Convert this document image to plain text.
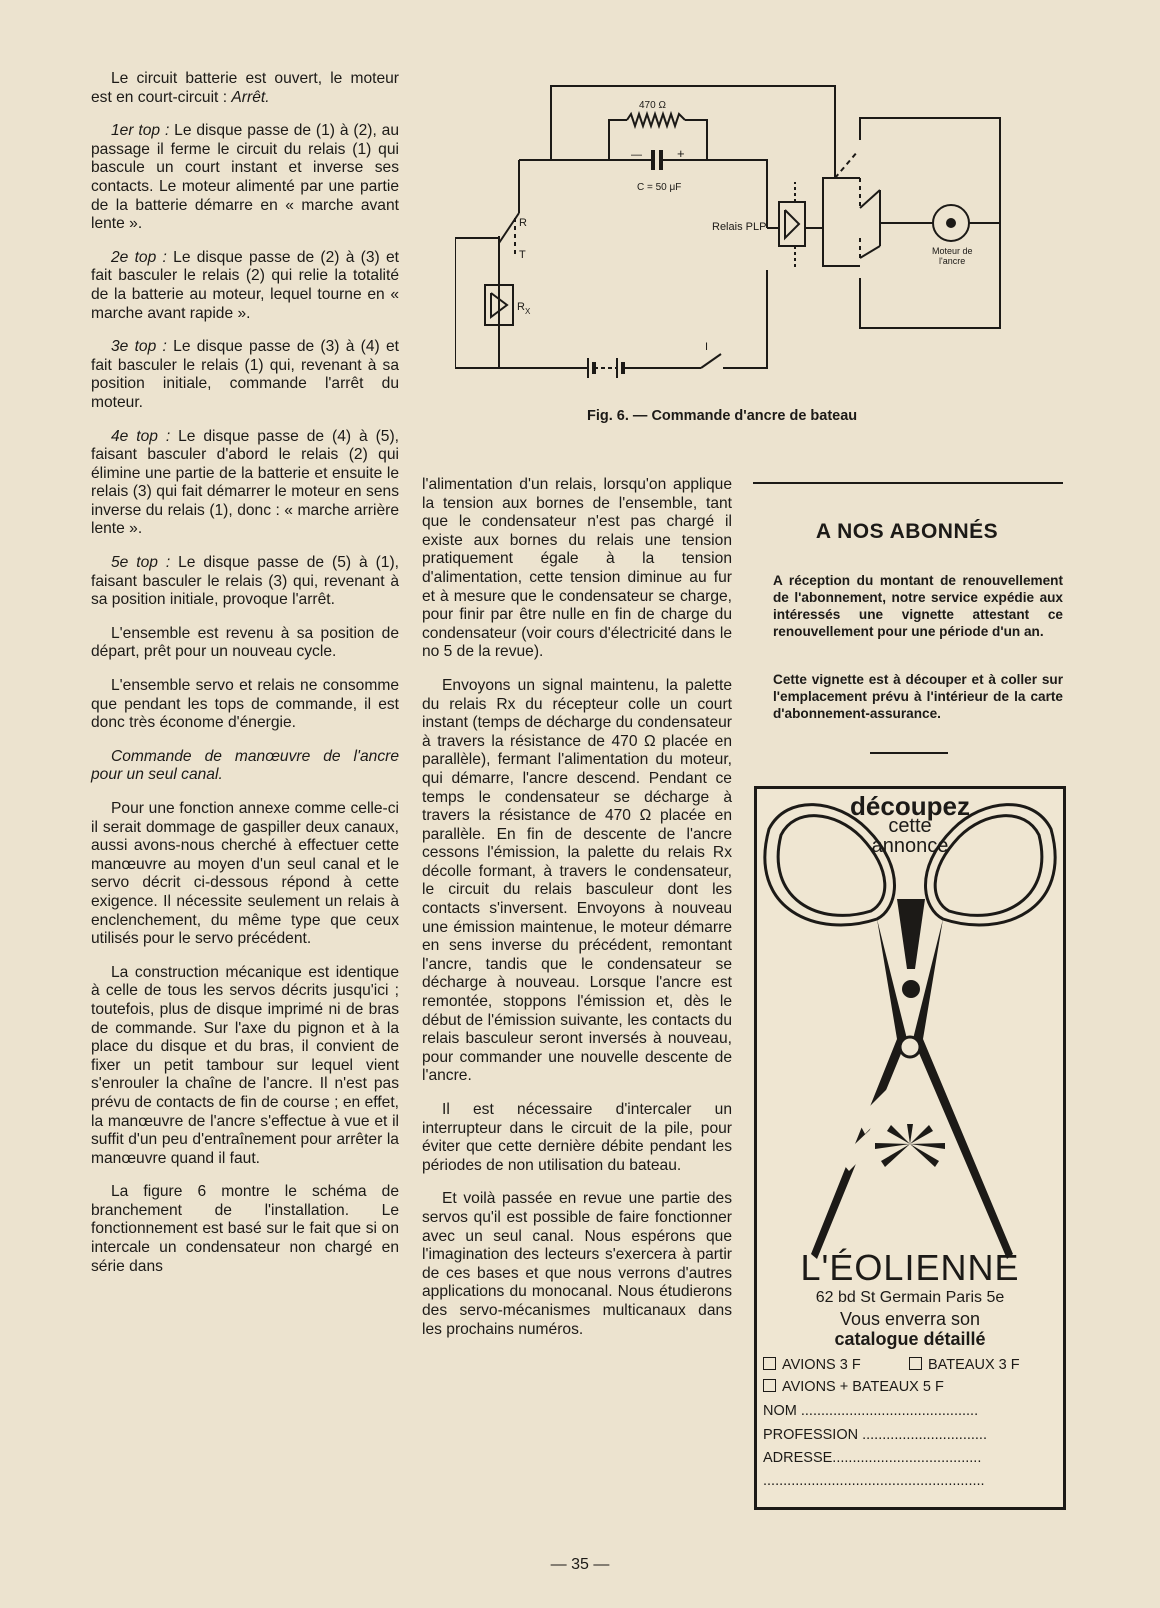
Le circuit batterie est ouvert, le moteur est en court-circuit : Arrêt.

1er top : Le disque passe de (1) à (2), au passage il ferme le circuit du relais (1) qui bascule un court instant et inverse ses contacts. Le moteur alimenté par une partie de la batterie démarre en « marche avant lente ».

2e top : Le disque passe de (2) à (3) et fait basculer le relais (2) qui relie la totalité de la batterie au moteur, lequel tourne en « marche avant rapide ».

3e top : Le disque passe de (3) à (4) et fait basculer le relais (1) qui, revenant à sa position initiale, commande l'arrêt du moteur.

4e top : Le disque passe de (4) à (5), faisant basculer d'abord le relais (2) qui élimine une partie de la batterie et ensuite le relais (3) qui fait démarrer le moteur en sens inverse du relais (1), donc : « marche arrière lente ».

5e top : Le disque passe de (5) à (1), faisant basculer le relais (3) qui, revenant à sa position initiale, provoque l'arrêt.

L'ensemble est revenu à sa position de départ, prêt pour un nouveau cycle.

L'ensemble servo et relais ne consomme que pendant les tops de commande, il est donc très économe d'énergie.

Commande de manœuvre de l'ancre pour un seul canal.

Pour une fonction annexe comme celle-ci il serait dommage de gaspiller deux canaux, aussi avons-nous cherché à effectuer cette manœuvre au moyen d'un seul canal et le servo décrit ci-dessous répond à cette exigence. Il nécessite seulement un relais à enclenchement, du même type que ceux utilisés pour le servo précédent.

La construction mécanique est identique à celle de tous les servos décrits jusqu'ici ; toutefois, plus de disque imprimé ni de bras de commande. Sur l'axe du pignon et à la place du disque et du bras, il convient de fixer un petit tambour sur lequel vient s'enrouler la chaîne de l'ancre. Il n'est pas prévu de contacts de fin de course ; en effet, la manœuvre de l'ancre s'effectue à vue et il suffit d'un peu d'entraînement pour arrêter la manœuvre quand il faut.

La figure 6 montre le schéma de branchement de l'installation. Le fonctionnement est basé sur le fait que si on intercale un condensateur non chargé en série dans

470 Ω
C = 50 μF
—	+
Relais PLP
Moteur de
l'ancre
R
T
R X
I
Fig. 6. — Commande d'ancre de bateau

l'alimentation d'un relais, lorsqu'on applique la tension aux bornes de l'ensemble, tant que le condensateur n'est pas chargé il existe aux bornes du relais une tension pratiquement égale à la tension d'alimentation, cette tension diminue au fur et à mesure que le condensateur se charge, pour finir par être nulle en fin de charge du condensateur (voir cours d'électricité dans le no 5 de la revue).

Envoyons un signal maintenu, la palette du relais Rx du récepteur colle un court instant (temps de décharge du condensateur à travers la résistance de 470 Ω placée en parallèle), fermant l'alimentation du moteur, qui démarre, l'ancre descend. Pendant ce temps le condensateur se décharge à travers la résistance de 470 Ω placée en parallèle. En fin de descente de l'ancre cessons l'émission, la palette du relais Rx décolle formant, à travers le condensateur, le circuit du relais basculeur dont les contacts s'inversent. Envoyons à nouveau une émission maintenue, le moteur démarre en sens inverse du précédent, remontant l'ancre, tandis que le condensateur se décharge à nouveau. Lorsque l'ancre est remontée, stoppons l'émission et, dès le début de l'émission suivante, les contacts du relais basculeur seront inversés à nouveau, pour commander une nouvelle descente de l'ancre.

Il est nécessaire d'intercaler un interrupteur dans le circuit de la pile, pour éviter que cette dernière débite pendant les périodes de non utilisation du bateau.

Et voilà passée en revue une partie des servos qu'il est possible de faire fonctionner avec un seul canal. Nous espérons que l'imagination des lecteurs s'exercera à partir de ces bases et que nous verrons d'autres applications du monocanal. Nous étudierons des servo-mécanismes multicanaux dans les prochains numéros.

A NOS ABONNÉS
A réception du montant de renouvellement de l'abonnement, notre service expédie aux intéressés une vignette attestant ce renouvellement pour une période d'un an.
Cette vignette est à découper et à coller sur l'emplacement prévu à l'intérieur de la carte d'abonnement-assurance.
découpez
cette
annonce
L'ÉOLIENNE
62 bd St Germain Paris 5e
Vous enverra son
catalogue détaillé
AVIONS 3 F	BATEAUX 3 F
AVIONS + BATEAUX 5 F
NOM ............................................
PROFESSION ...............................
ADRESSE.....................................
.......................................................
— 35 —
